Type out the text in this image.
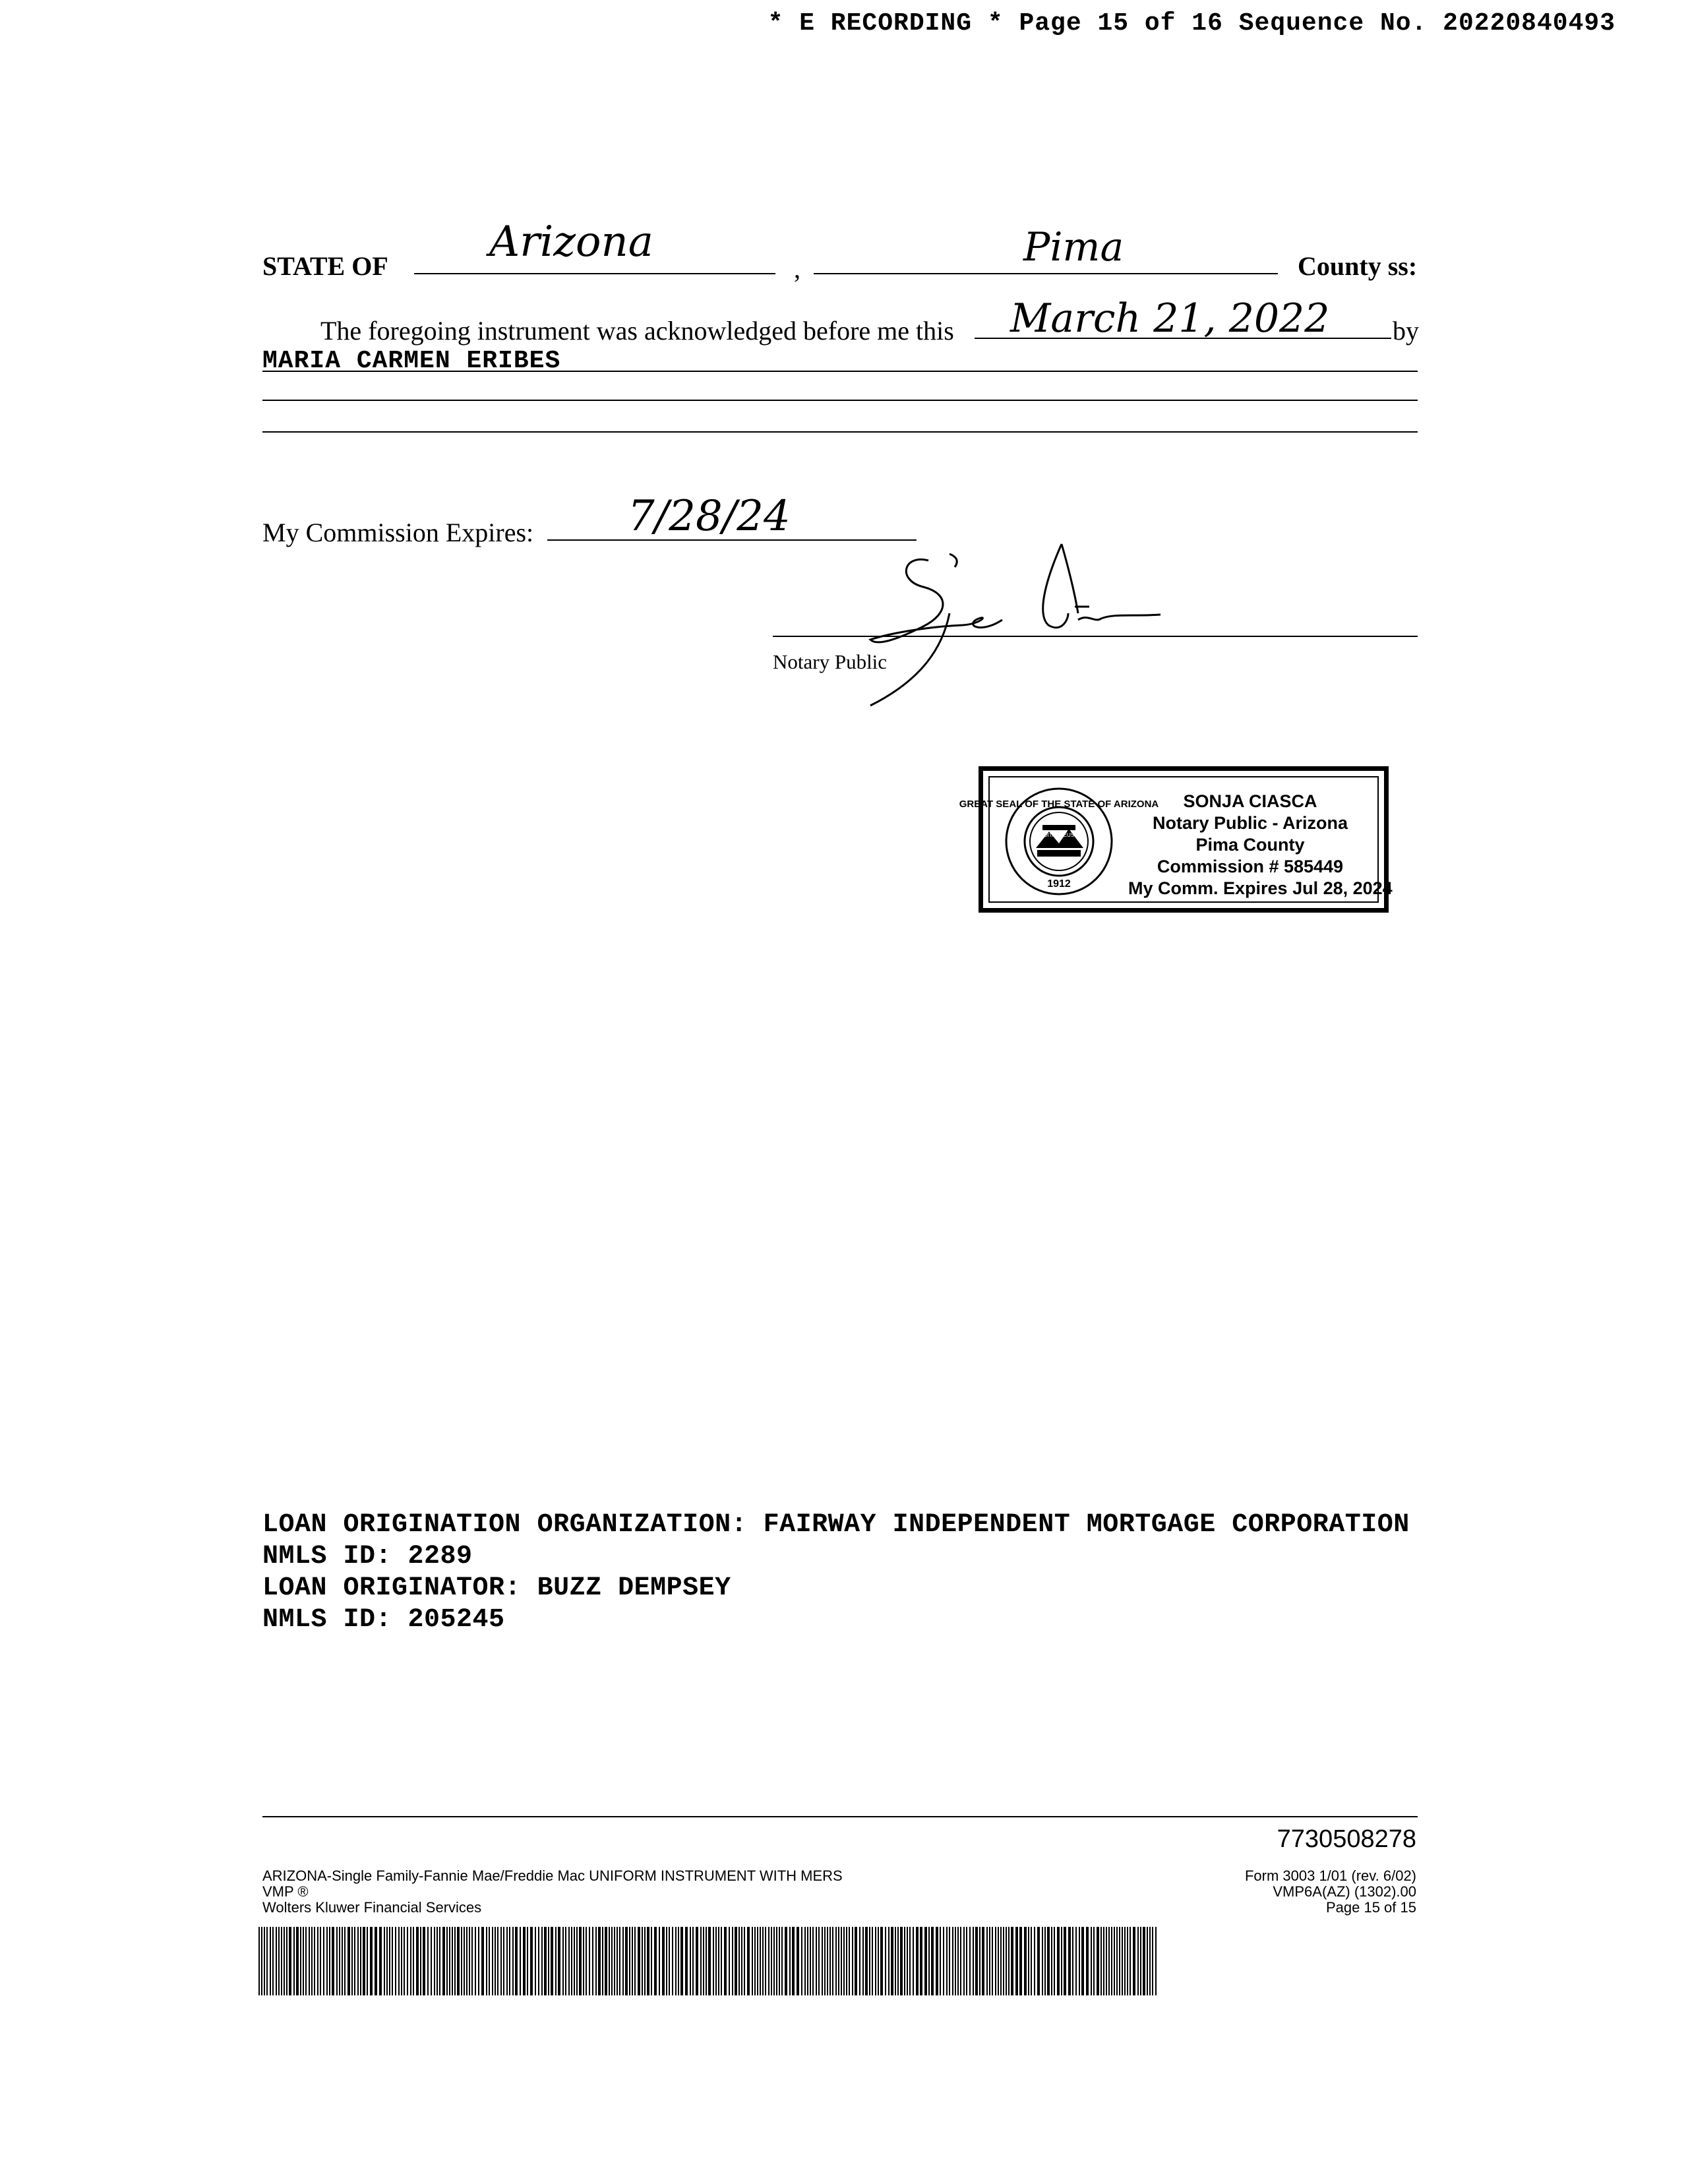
* E RECORDING * Page 15 of 16 Sequence No. 20220840493
STATE OF Arizona
,	Pima	County ss:
The foregoing instrument was acknowledged before me this March 21, 2022 by
MARIA CARMEN ERIBES
My Commission Expires: 7/28/24
Notary Public
GREAT SEAL OF THE STATE OF ARIZONA
DITAT DEUS
1912
SONJA CIASCA
Notary Public - Arizona
Pima County
Commission # 585449
My Comm. Expires Jul 28, 2024
LOAN ORIGINATION ORGANIZATION: FAIRWAY INDEPENDENT MORTGAGE CORPORATION
NMLS ID: 2289
LOAN ORIGINATOR: BUZZ DEMPSEY
NMLS ID: 205245
7730508278
ARIZONA-Single Family-Fannie Mae/Freddie Mac UNIFORM INSTRUMENT WITH MERS
VMP ®
Wolters Kluwer Financial Services
Form 3003 1/01 (rev. 6/02)
VMP6A(AZ) (1302).00
Page 15 of 15
